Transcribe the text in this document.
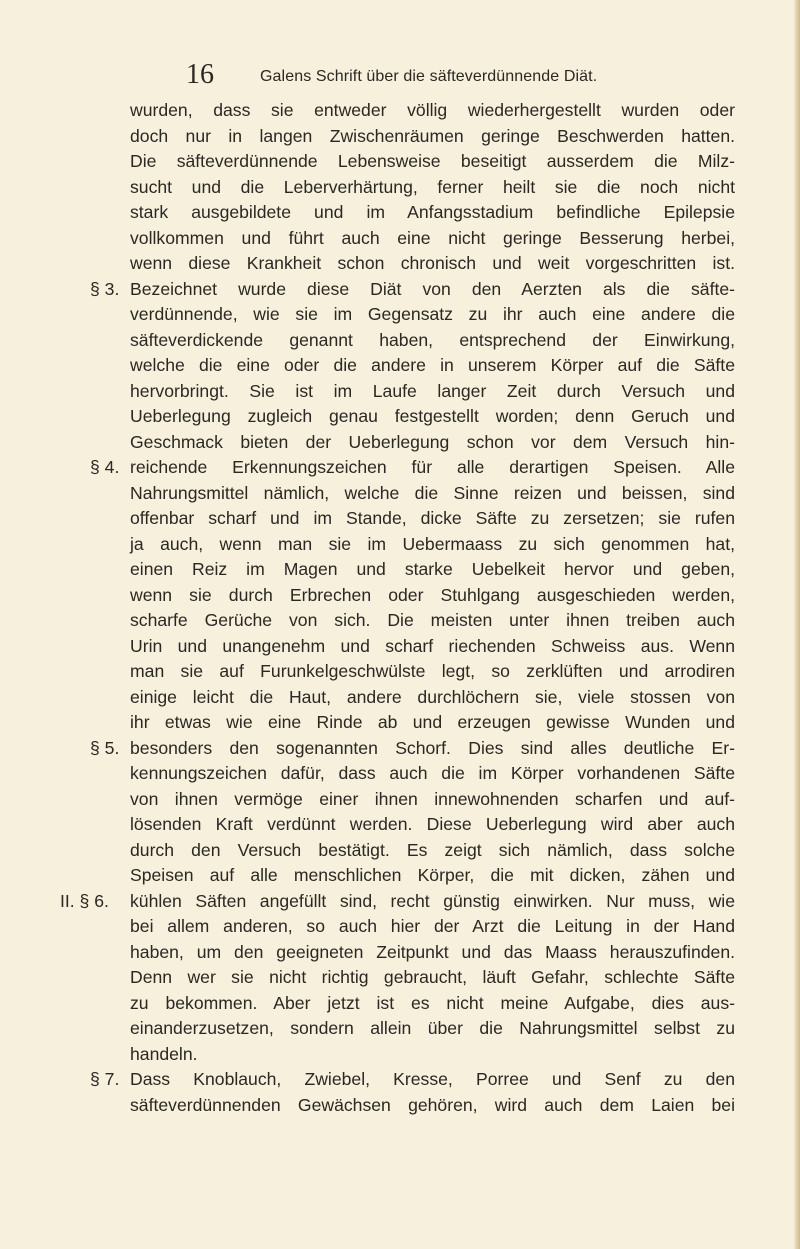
16	Galens Schrift über die säfteverdünnende Diät.
wurden, dass sie entweder völlig wiederhergestellt wurden oder
doch nur in langen Zwischenräumen geringe Beschwerden hatten.
Die säfteverdünnende Lebensweise beseitigt ausserdem die Milz-
sucht und die Leberverhärtung, ferner heilt sie die noch nicht
stark ausgebildete und im Anfangsstadium befindliche Epilepsie
vollkommen und führt auch eine nicht geringe Besserung herbei,
wenn diese Krankheit schon chronisch und weit vorgeschritten ist.
§ 3. Bezeichnet wurde diese Diät von den Aerzten als die säfte-
verdünnende, wie sie im Gegensatz zu ihr auch eine andere die
säfteverdickende genannt haben, entsprechend der Einwirkung,
welche die eine oder die andere in unserem Körper auf die Säfte
hervorbringt. Sie ist im Laufe langer Zeit durch Versuch und
Ueberlegung zugleich genau festgestellt worden; denn Geruch und
Geschmack bieten der Ueberlegung schon vor dem Versuch hin-
§ 4. reichende Erkennungszeichen für alle derartigen Speisen. Alle
Nahrungsmittel nämlich, welche die Sinne reizen und beissen, sind
offenbar scharf und im Stande, dicke Säfte zu zersetzen; sie rufen
ja auch, wenn man sie im Uebermaass zu sich genommen hat,
einen Reiz im Magen und starke Uebelkeit hervor und geben,
wenn sie durch Erbrechen oder Stuhlgang ausgeschieden werden,
scharfe Gerüche von sich. Die meisten unter ihnen treiben auch
Urin und unangenehm und scharf riechenden Schweiss aus. Wenn
man sie auf Furunkelgeschwülste legt, so zerklüften und arrodiren
einige leicht die Haut, andere durchlöchern sie, viele stossen von
ihr etwas wie eine Rinde ab und erzeugen gewisse Wunden und
§ 5. besonders den sogenannten Schorf. Dies sind alles deutliche Er-
kennungszeichen dafür, dass auch die im Körper vorhandenen Säfte
von ihnen vermöge einer ihnen innewohnenden scharfen und auf-
lösenden Kraft verdünnt werden. Diese Ueberlegung wird aber auch
durch den Versuch bestätigt. Es zeigt sich nämlich, dass solche
Speisen auf alle menschlichen Körper, die mit dicken, zähen und
II. § 6.	kühlen Säften angefüllt sind, recht günstig einwirken. Nur muss, wie
bei allem anderen, so auch hier der Arzt die Leitung in der Hand
haben, um den geeigneten Zeitpunkt und das Maass herauszufinden.
Denn wer sie nicht richtig gebraucht, läuft Gefahr, schlechte Säfte
zu bekommen. Aber jetzt ist es nicht meine Aufgabe, dies aus-
einanderzusetzen, sondern allein über die Nahrungsmittel selbst zu
handeln.
§ 7. Dass Knoblauch, Zwiebel, Kresse, Porree und Senf zu den
säfteverdünnenden Gewächsen gehören, wird auch dem Laien bei
